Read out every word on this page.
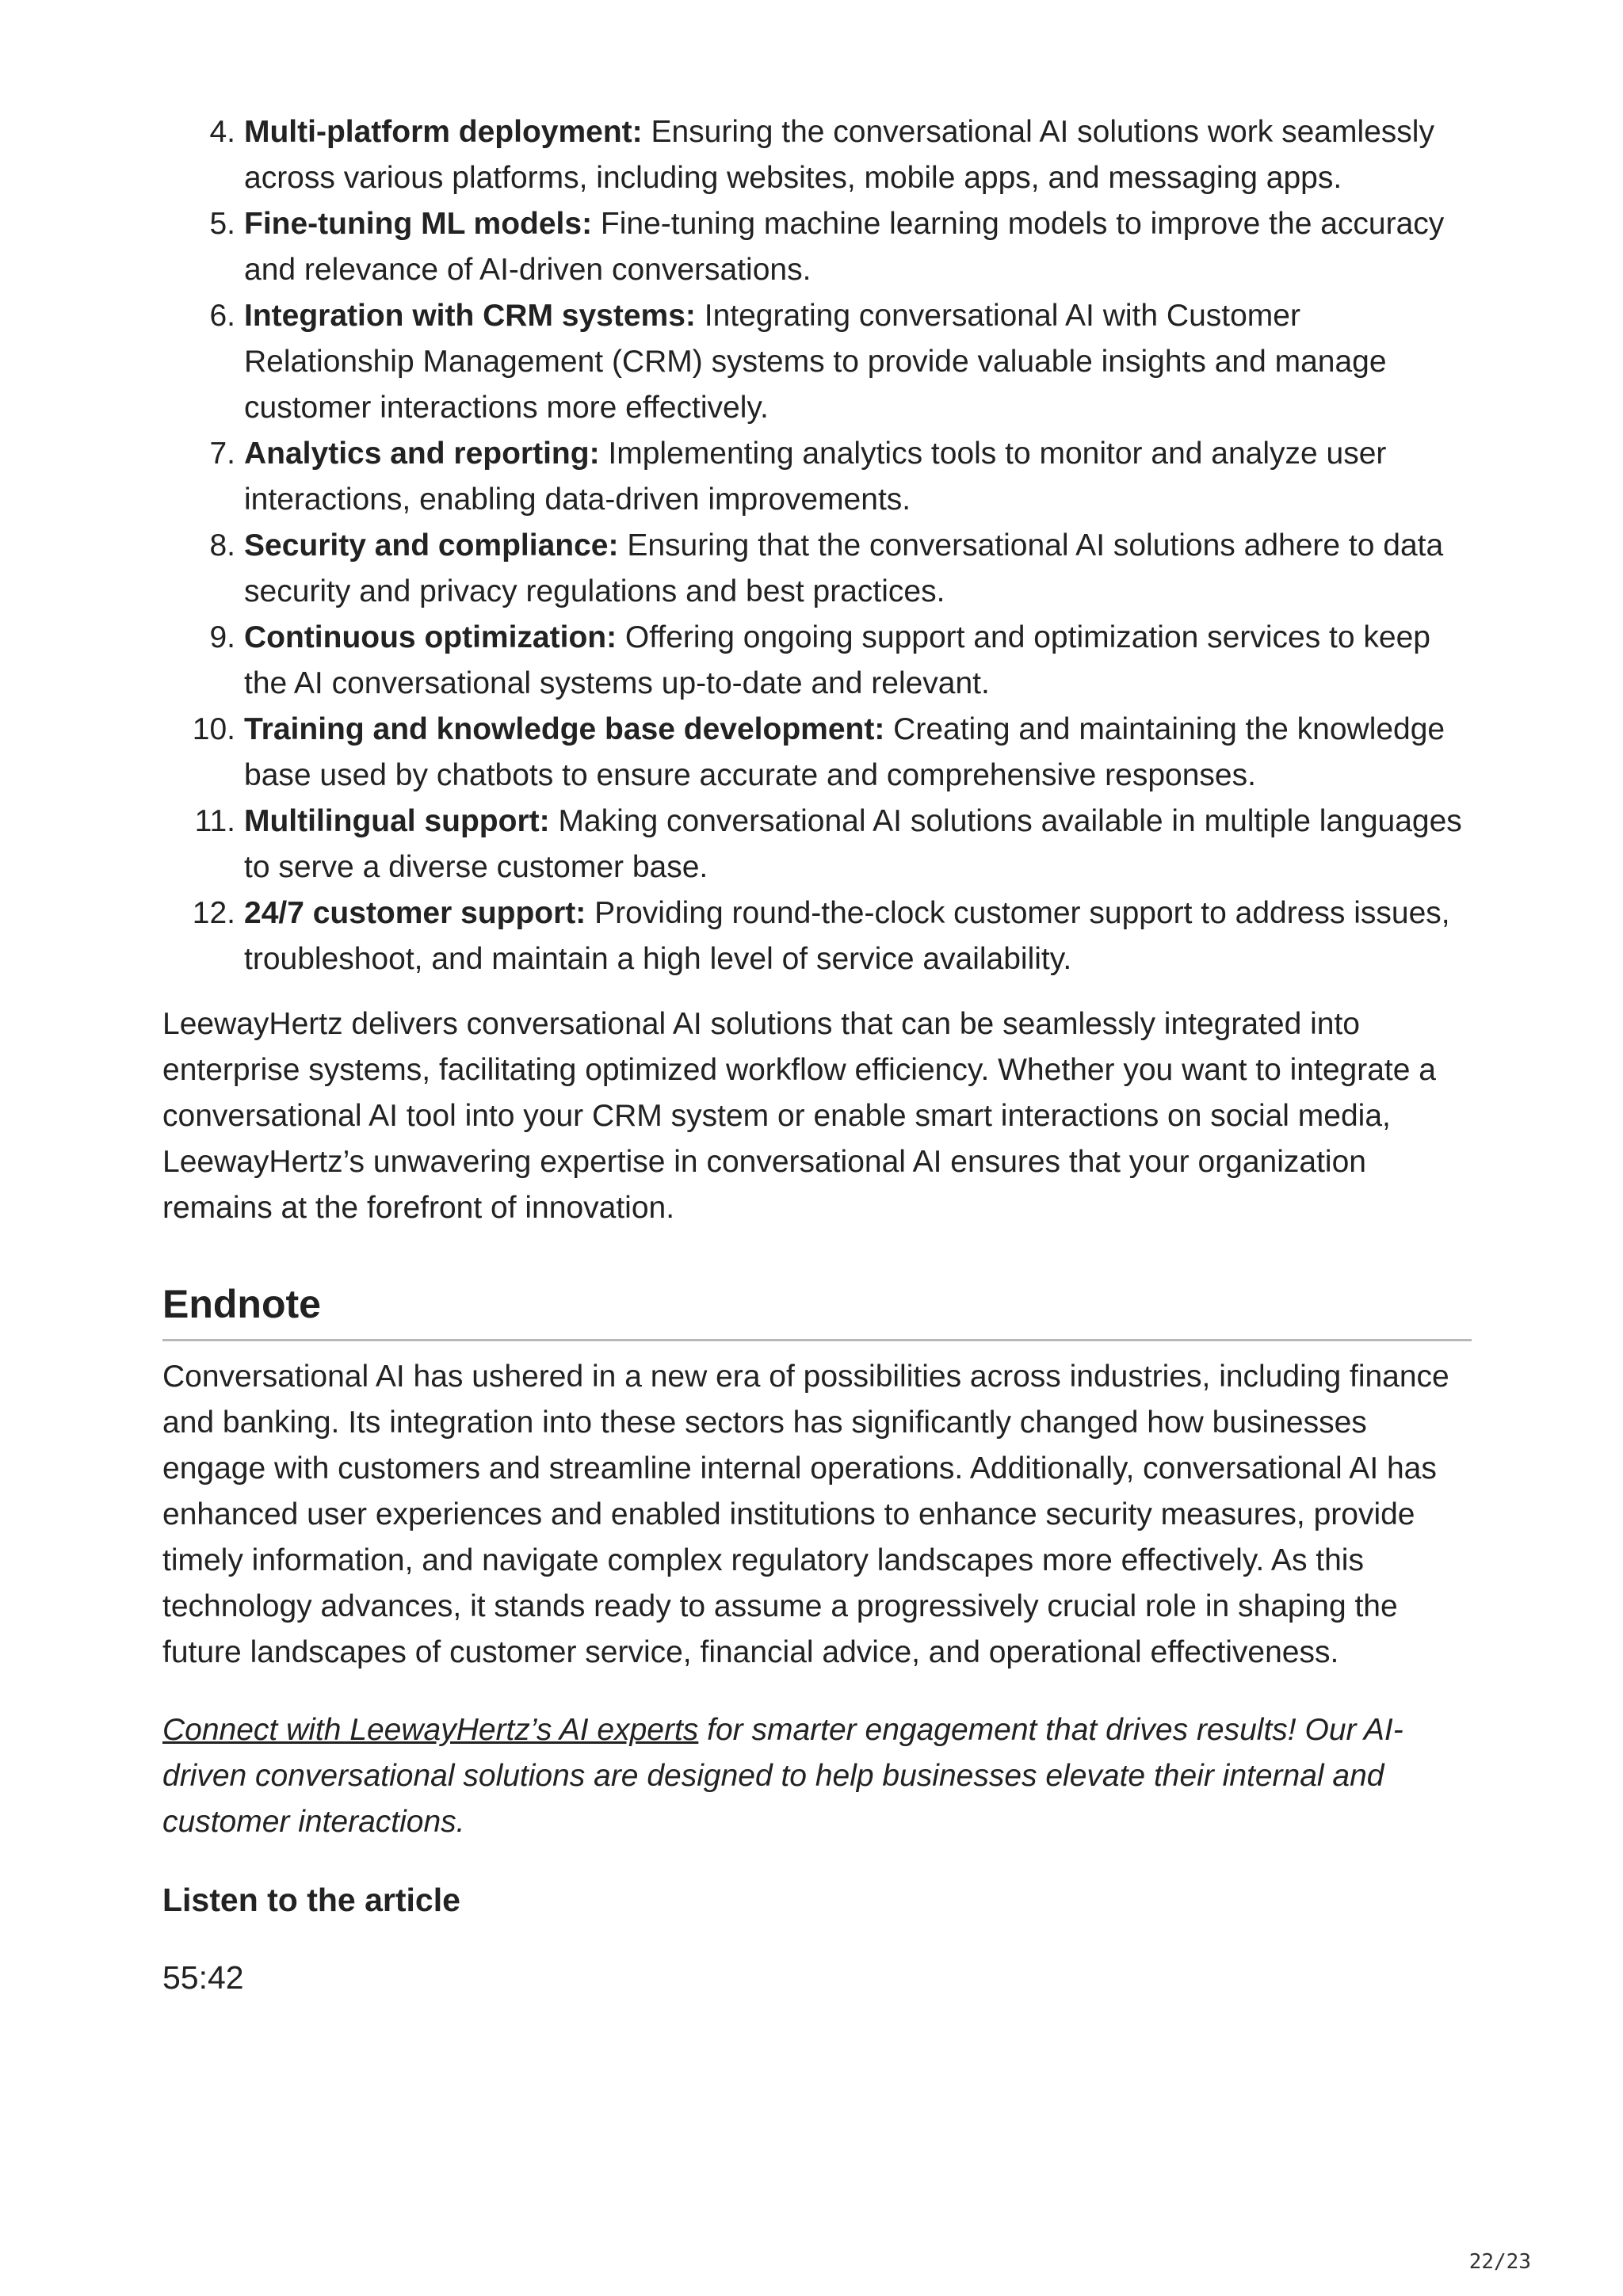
4. Multi-platform deployment: Ensuring the conversational AI solutions work seamlessly across various platforms, including websites, mobile apps, and messaging apps.
5. Fine-tuning ML models: Fine-tuning machine learning models to improve the accuracy and relevance of AI-driven conversations.
6. Integration with CRM systems: Integrating conversational AI with Customer Relationship Management (CRM) systems to provide valuable insights and manage customer interactions more effectively.
7. Analytics and reporting: Implementing analytics tools to monitor and analyze user interactions, enabling data-driven improvements.
8. Security and compliance: Ensuring that the conversational AI solutions adhere to data security and privacy regulations and best practices.
9. Continuous optimization: Offering ongoing support and optimization services to keep the AI conversational systems up-to-date and relevant.
10. Training and knowledge base development: Creating and maintaining the knowledge base used by chatbots to ensure accurate and comprehensive responses.
11. Multilingual support: Making conversational AI solutions available in multiple languages to serve a diverse customer base.
12. 24/7 customer support: Providing round-the-clock customer support to address issues, troubleshoot, and maintain a high level of service availability.

LeewayHertz delivers conversational AI solutions that can be seamlessly integrated into enterprise systems, facilitating optimized workflow efficiency. Whether you want to integrate a conversational AI tool into your CRM system or enable smart interactions on social media, LeewayHertz’s unwavering expertise in conversational AI ensures that your organization remains at the forefront of innovation.

Endnote

Conversational AI has ushered in a new era of possibilities across industries, including finance and banking. Its integration into these sectors has significantly changed how businesses engage with customers and streamline internal operations. Additionally, conversational AI has enhanced user experiences and enabled institutions to enhance security measures, provide timely information, and navigate complex regulatory landscapes more effectively. As this technology advances, it stands ready to assume a progressively crucial role in shaping the future landscapes of customer service, financial advice, and operational effectiveness.

Connect with LeewayHertz’s AI experts for smarter engagement that drives results! Our AI-driven conversational solutions are designed to help businesses elevate their internal and customer interactions.

Listen to the article

55:42

22/23
